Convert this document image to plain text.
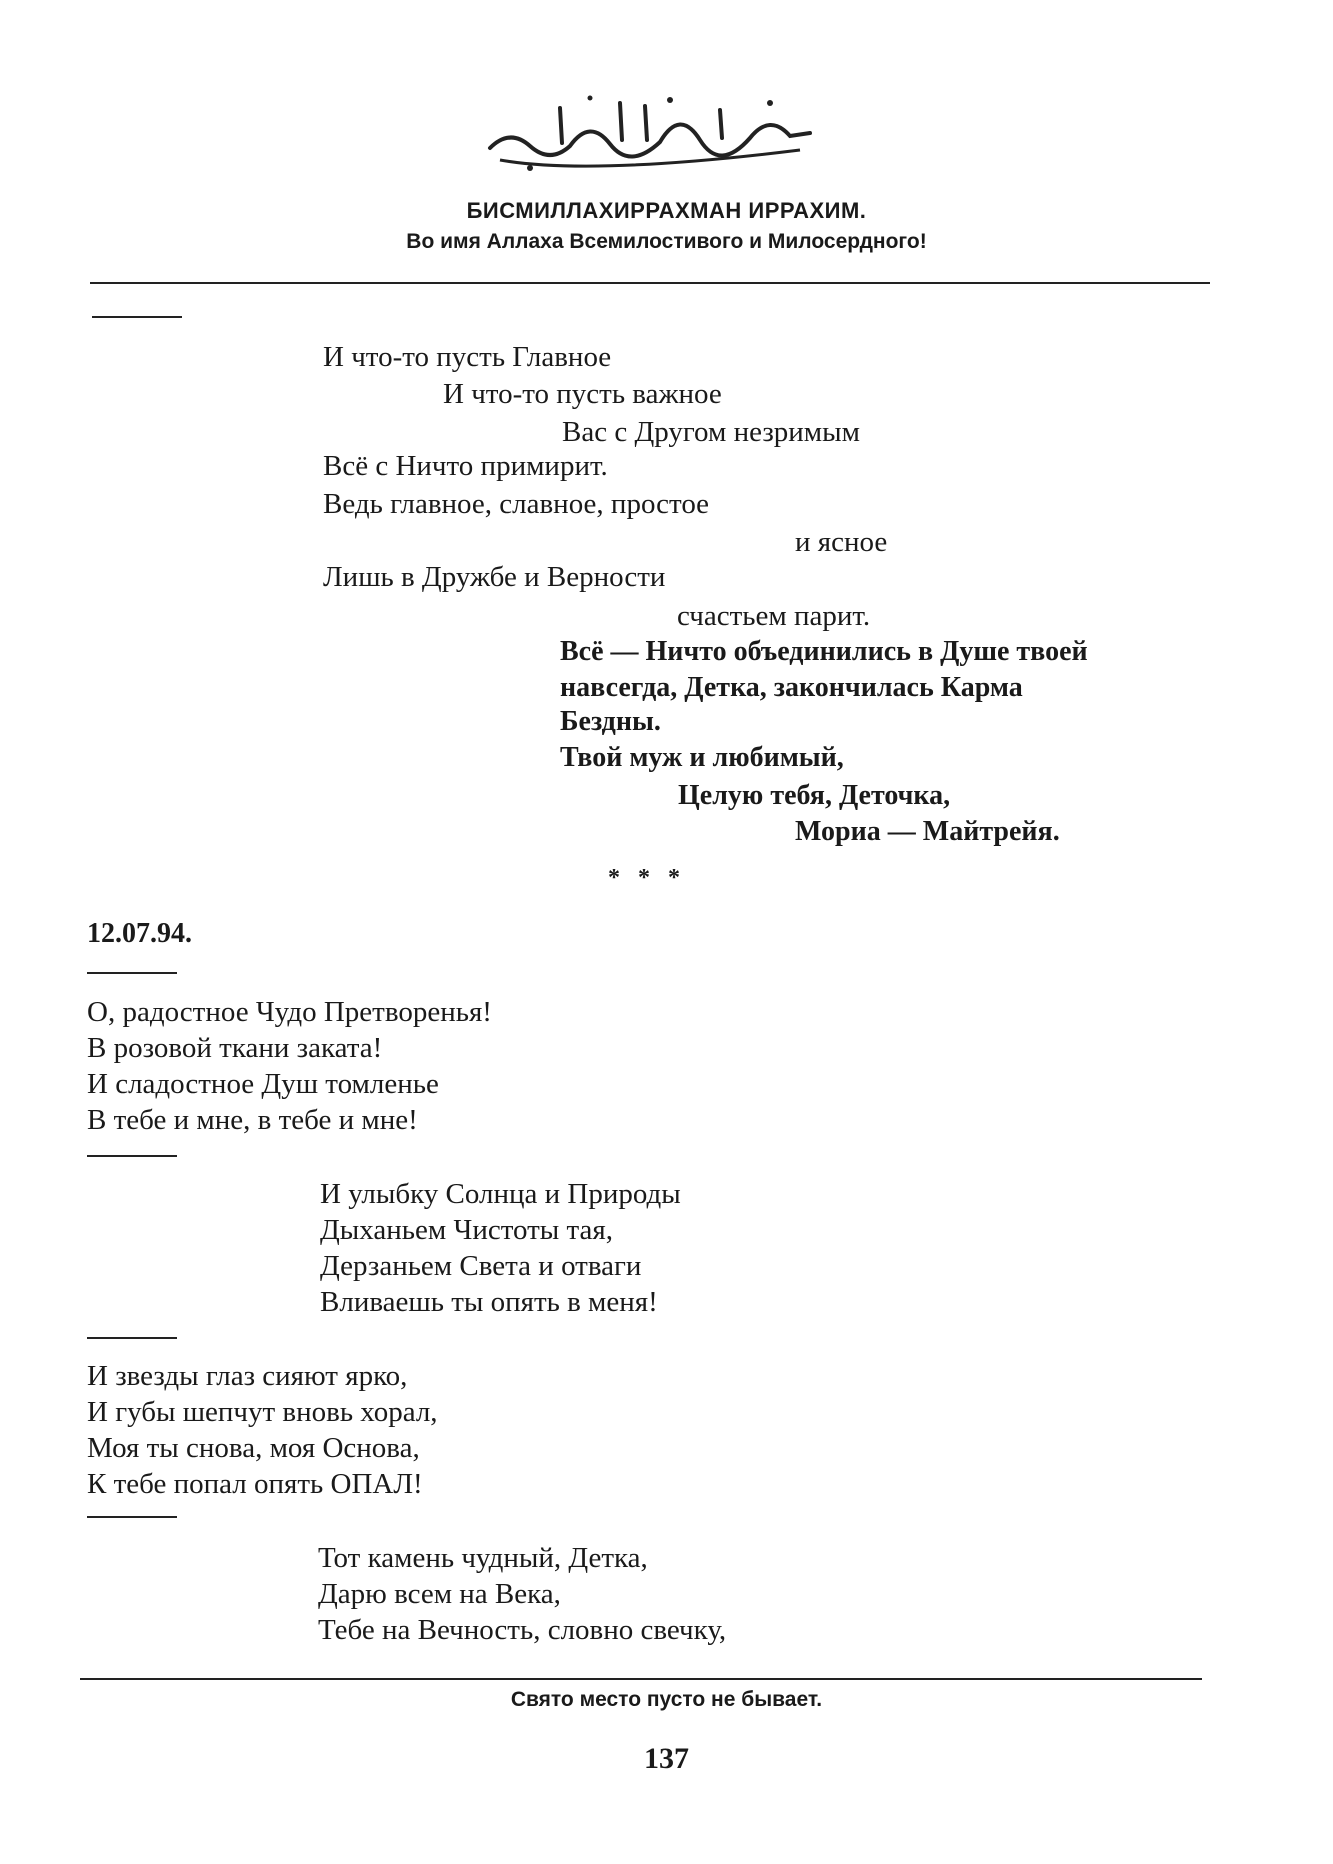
БИСМИЛЛАХИРРАХМАН ИРРАХИМ.
Во имя Аллаха Всемилостивого и Милосердного!
И что-то пусть Главное
И что-то пусть важное
Вас с Другом незримым
Всё с Ничто примирит.
Ведь главное, славное, простое
и ясное
Лишь в Дружбе и Верности
счастьем парит.
Всё — Ничто объединились в Душе твоей
навсегда, Детка, закончилась Карма
Бездны.
Твой муж и любимый,
Целую тебя, Деточка,
Мориа — Майтрейя.
* * *
12.07.94.
О, радостное Чудо Претворенья!
В розовой ткани заката!
И сладостное Душ томленье
В тебе и мне, в тебе и мне!
И улыбку Солнца и Природы
Дыханьем Чистоты тая,
Дерзаньем Света и отваги
Вливаешь ты опять в меня!
И звезды глаз сияют ярко,
И губы шепчут вновь хорал,
Моя ты снова, моя Основа,
К тебе попал опять ОПАЛ!
Тот камень чудный, Детка,
Дарю всем на Века,
Тебе на Вечность, словно свечку,
Свято место пусто не бывает.
137
